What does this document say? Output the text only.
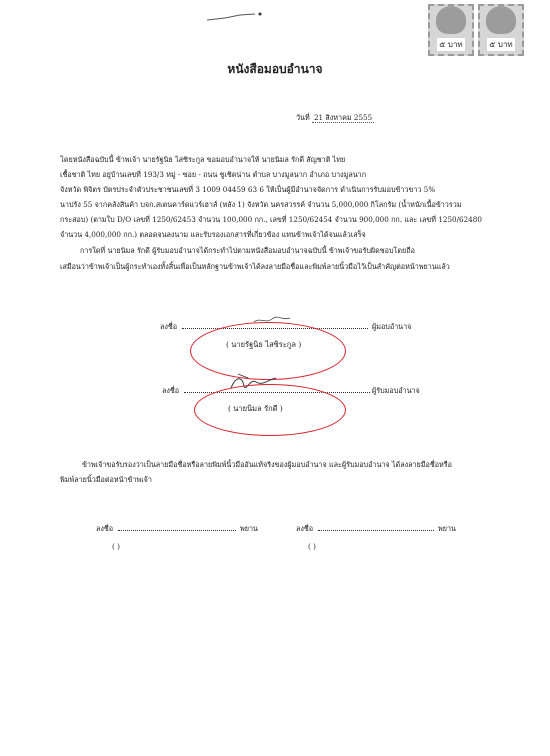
๕ บาท	๕ บาท
หนังสือมอบอำนาจ
วันที่ 21 สิงหาคม 2555
โดยหนังสือฉบับนี้ ข้าพเจ้า นายรัฐนิธ ไสซิระกูล ขอมอบอำนาจให้ นายนิมล รักดี สัญชาติ ไทย
เชื้อชาติ ไทย อยู่บ้านเลขที่ 193/3 หมู่ - ซอย - ถนน ชูเชิดน่าน ตำบล บางมูลนาก อำเภอ บางมูลนาก
จังหวัด พิจิตร บัตรประจำตัวประชาชนเลขที่ 3 1009 04459 63 6 ให้เป็นผู้มีอำนาจจัดการ ดำเนินการรับมอบข้าวขาว 5%
นาปรัง 55 จากคลังสินค้า บจก.สเตนคาร์ดแวร์เฮาส์ (หลัง 1) จังหวัด นครสวรรค์ จำนวน 5,000,000 กิโลกรัม (น้ำหนักเนื้อข้าวรวม
กระสอบ) (ตามใบ D/O เลขที่ 1250/62453 จำนวน 100,000 กก., เลขที่ 1250/62454 จำนวน 900,000 กก. และ เลขที่ 1250/62480
จำนวน 4,000,000 กก.) ตลอดจนลงนาม และรับรองเอกสารที่เกี่ยวข้อง แทนข้าพเจ้าได้จนแล้วเสร็จ
การใดที่ นายนิมล รักดี ผู้รับมอบอำนาจได้กระทำไปตามหนังสือมอบอำนาจฉบับนี้ ข้าพเจ้าขอรับผิดชอบโดยถือ
เสมือนว่าข้าพเจ้าเป็นผู้กระทำเองทั้งสิ้นเพื่อเป็นหลักฐานข้าพเจ้าได้ลงลายมือชื่อและพิมพ์ลายนิ้วมือไว้เป็นสำคัญต่อหน้าพยานแล้ว
ลงชื่อ	ผู้มอบอำนาจ
( นายรัฐนิธ ไสซิระกูล )
ลงชื่อ	ผู้รับมอบอำนาจ
( นายนิมล รักดี )
ข้าพเจ้าขอรับรองว่าเป็นลายมือชื่อหรือลายพิมพ์นิ้วมืออันแท้จริงของผู้มอบอำนาจ และผู้รับมอบอำนาจ ได้ลงลายมือชื่อหรือ
พิมพ์ลายนิ้วมือต่อหน้าข้าพเจ้า
ลงชื่อ	พยาน
( )
ลงชื่อ	พยาน
( )
